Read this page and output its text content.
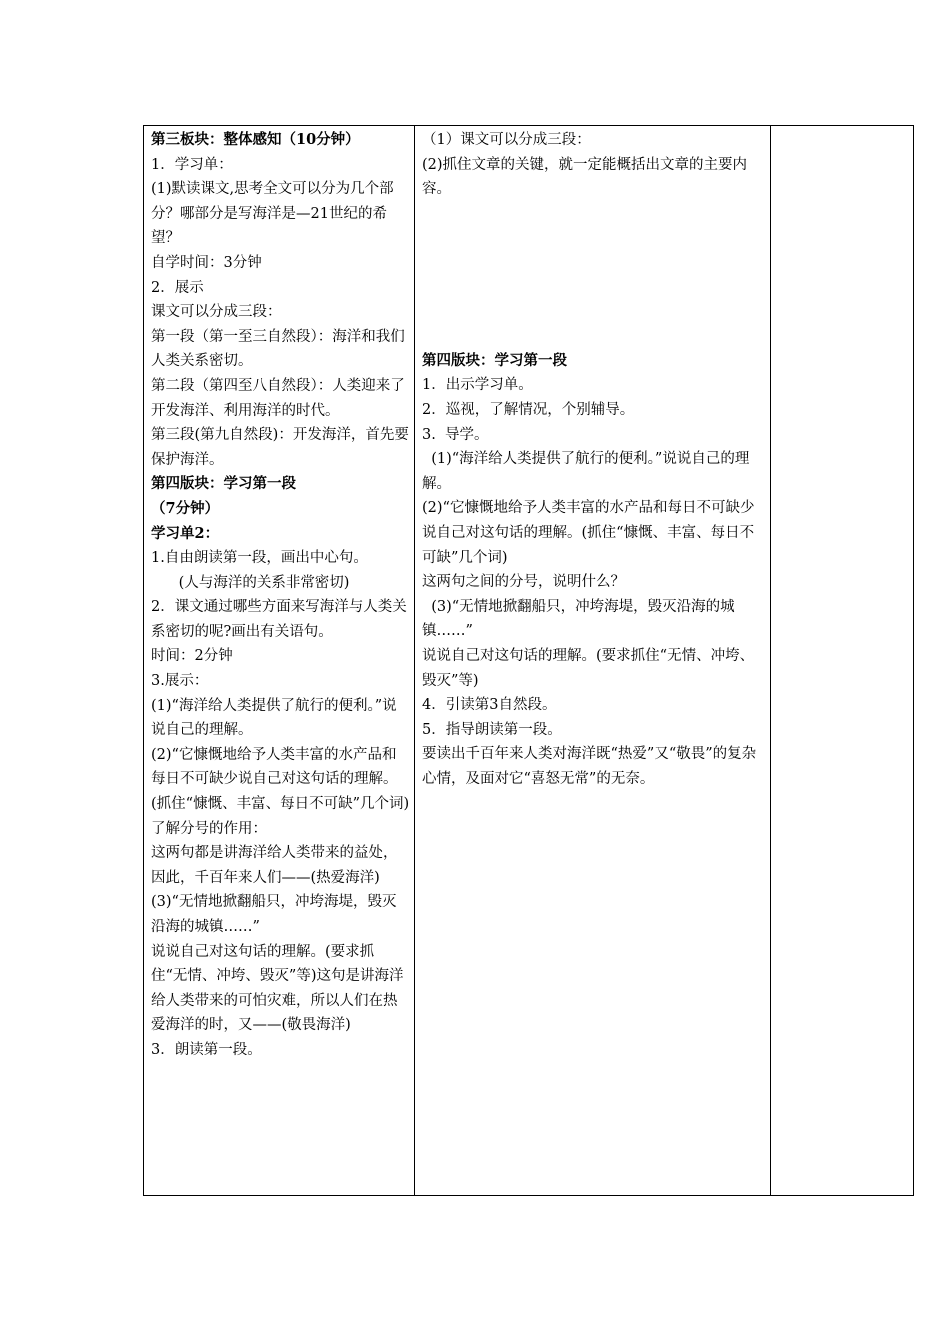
第三板块：整体感知（10分钟）
1．学习单：
(1)默读课文,思考全文可以分为几个部分？哪部分是写海洋是—21世纪的希望？
自学时间：3分钟
2．展示
课文可以分成三段：
第一段（第一至三自然段）：海洋和我们人类关系密切。
第二段（第四至八自然段）：人类迎来了开发海洋、利用海洋的时代。
第三段(第九自然段)：开发海洋，首先要保护海洋。
第四版块：学习第一段
（7分钟）
学习单2：
1.自由朗读第一段，画出中心句。
(人与海洋的关系非常密切)
2．课文通过哪些方面来写海洋与人类关系密切的呢?画出有关语句。
时间：2分钟
3.展示：
(1)“海洋给人类提供了航行的便利。”说说自己的理解。
(2)“它慷慨地给予人类丰富的水产品和每日不可缺少说自己对这句话的理解。(抓住“慷慨、丰富、每日不可缺”几个词)
了解分号的作用：
这两句都是讲海洋给人类带来的益处，因此，千百年来人们——(热爱海洋)
(3)“无情地掀翻船只，冲垮海堤，毁灭沿海的城镇……”
说说自己对这句话的理解。(要求抓住“无情、冲垮、毁灭”等)这句是讲海洋给人类带来的可怕灾难，所以人们在热爱海洋的时，又——(敬畏海洋)
3．朗读第一段。

（1）课文可以分成三段：
(2)抓住文章的关键，就一定能概括出文章的主要内容。
第四版块：学习第一段
1．出示学习单。
2．巡视，了解情况，个别辅导。
3.  导学。
(1)“海洋给人类提供了航行的便利。”说说自己的理解。
(2)“它慷慨地给予人类丰富的水产品和每日不可缺少说自己对这句话的理解。(抓住“慷慨、丰富、每日不可缺”几个词)
这两句之间的分号，说明什么？
(3)“无情地掀翻船只，冲垮海堤，毁灭沿海的城镇……”
说说自己对这句话的理解。(要求抓住“无情、冲垮、毁灭”等)
4．引读第3自然段。
5．指导朗读第一段。
要读出千百年来人类对海洋既“热爱”又“敬畏”的复杂心情，及面对它“喜怒无常”的无奈。
